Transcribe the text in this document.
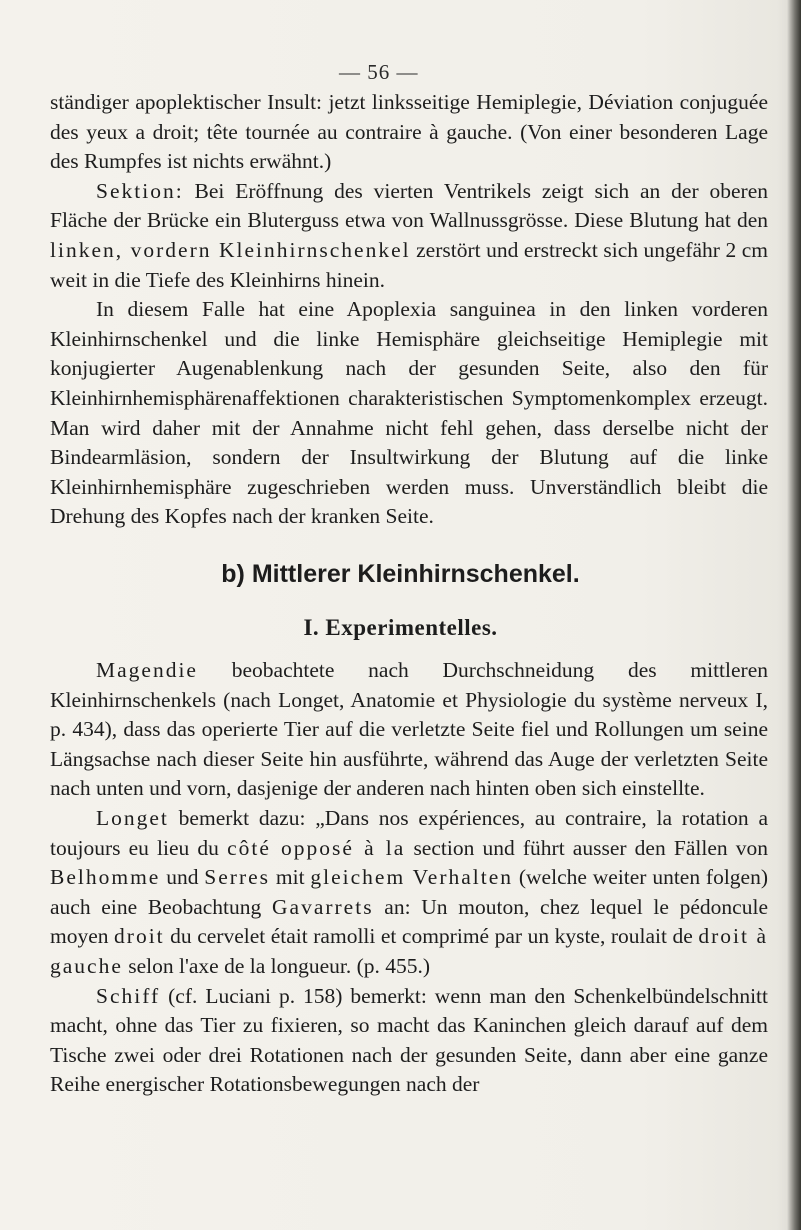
— 56 —

ständiger apoplektischer Insult: jetzt linksseitige Hemiplegie, Déviation conjuguée des yeux a droit; tête tournée au contraire à gauche. (Von einer besonderen Lage des Rumpfes ist nichts erwähnt.)

Sektion: Bei Eröffnung des vierten Ventrikels zeigt sich an der oberen Fläche der Brücke ein Bluterguss etwa von Wallnussgrösse. Diese Blutung hat den linken, vordern Kleinhirnschenkel zerstört und erstreckt sich ungefähr 2 cm weit in die Tiefe des Kleinhirns hinein.

In diesem Falle hat eine Apoplexia sanguinea in den linken vorderen Kleinhirnschenkel und die linke Hemisphäre gleichseitige Hemiplegie mit konjugierter Augenablenkung nach der gesunden Seite, also den für Kleinhirnhemisphärenaffektionen charakteristischen Symptomenkomplex erzeugt. Man wird daher mit der Annahme nicht fehl gehen, dass derselbe nicht der Bindearmläsion, sondern der Insultwirkung der Blutung auf die linke Kleinhirnhemisphäre zugeschrieben werden muss. Unverständlich bleibt die Drehung des Kopfes nach der kranken Seite.

b) Mittlerer Kleinhirnschenkel.
I. Experimentelles.

Magendie beobachtete nach Durchschneidung des mittleren Kleinhirnschenkels (nach Longet, Anatomie et Physiologie du système nerveux I, p. 434), dass das operierte Tier auf die verletzte Seite fiel und Rollungen um seine Längsachse nach dieser Seite hin ausführte, während das Auge der verletzten Seite nach unten und vorn, dasjenige der anderen nach hinten oben sich einstellte.

Longet bemerkt dazu: „Dans nos expériences, au contraire, la rotation a toujours eu lieu du côté opposé à la section und führt ausser den Fällen von Belhomme und Serres mit gleichem Verhalten (welche weiter unten folgen) auch eine Beobachtung Gavarrets an: Un mouton, chez lequel le pédoncule moyen droit du cervelet était ramolli et comprimé par un kyste, roulait de droit à gauche selon l'axe de la longueur. (p. 455.)

Schiff (cf. Luciani p. 158) bemerkt: wenn man den Schenkelbündelschnitt macht, ohne das Tier zu fixieren, so macht das Kaninchen gleich darauf auf dem Tische zwei oder drei Rotationen nach der gesunden Seite, dann aber eine ganze Reihe energischer Rotationsbewegungen nach der
